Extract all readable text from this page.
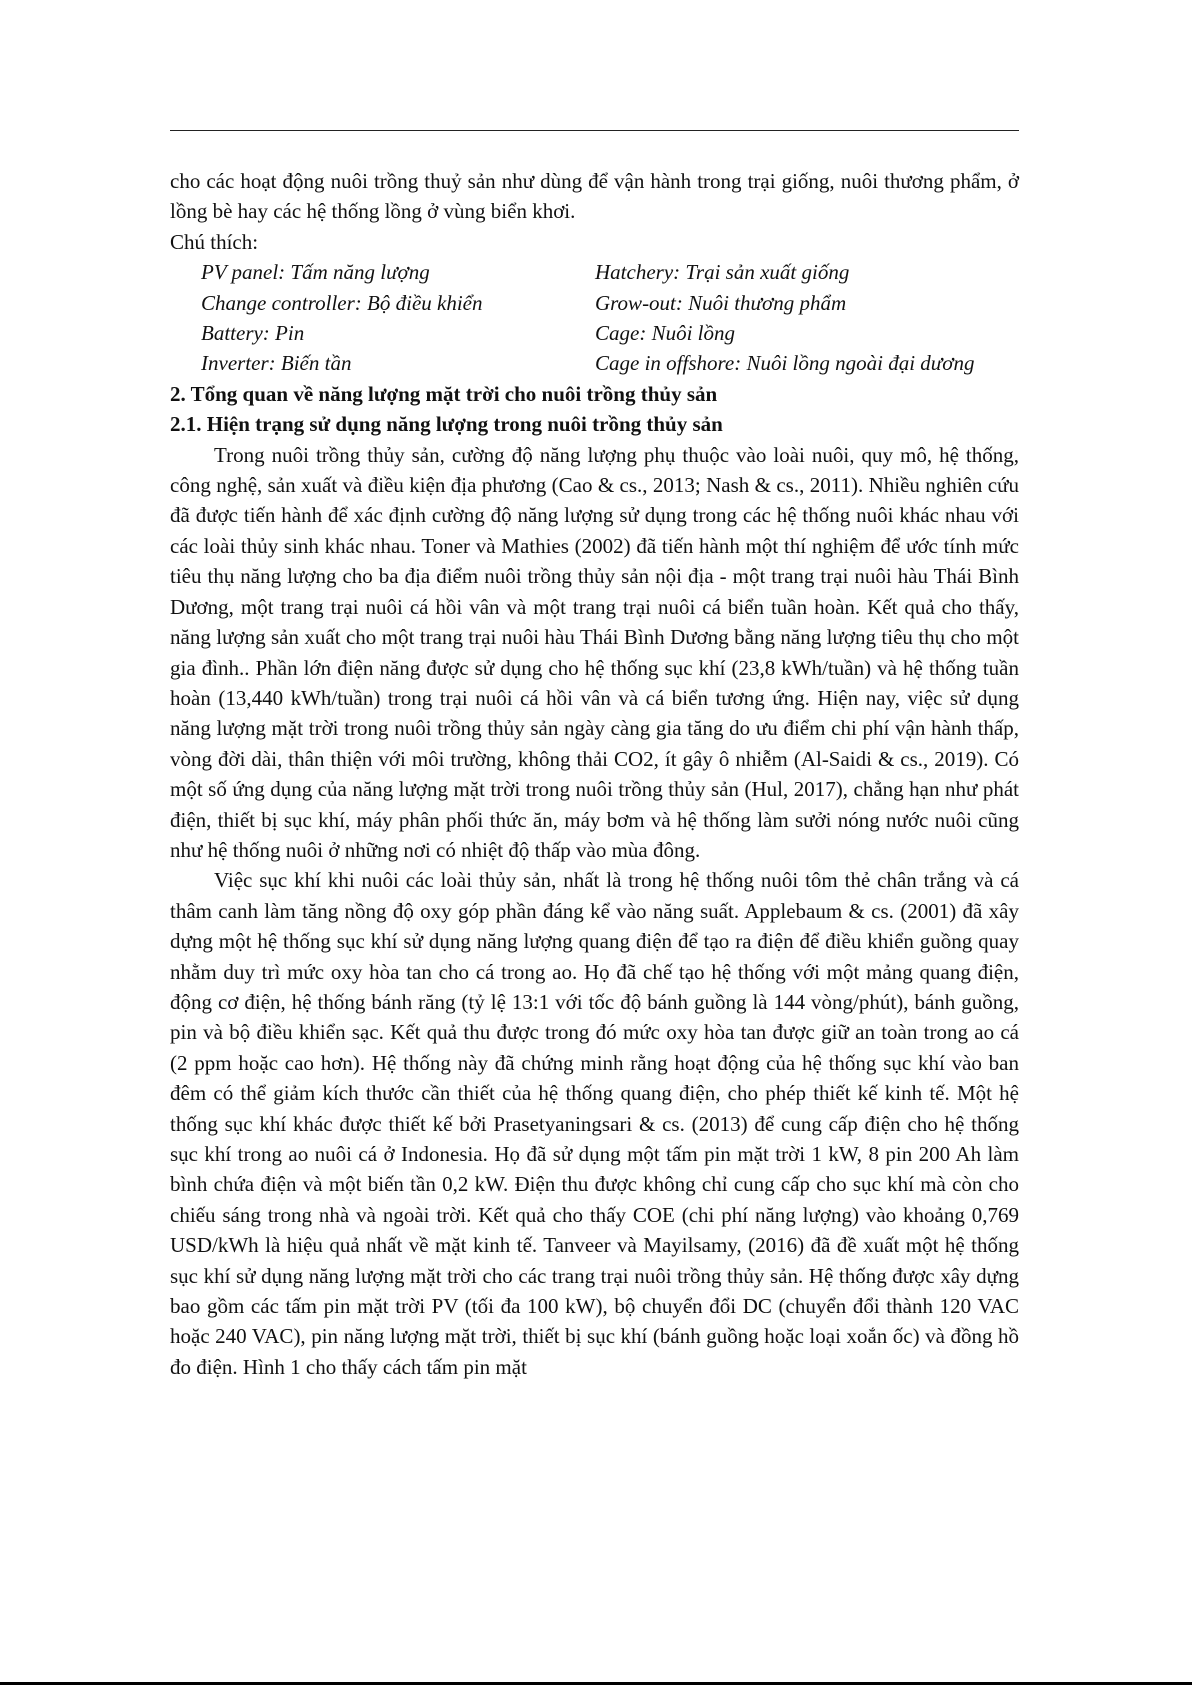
cho các hoạt động nuôi trồng thuỷ sản như dùng để vận hành trong trại giống, nuôi thương phẩm, ở lồng bè hay các hệ thống lồng ở vùng biển khơi.

Chú thích:

PV panel: Tấm năng lượng	Hatchery: Trại sản xuất giống
Change controller: Bộ điều khiển	Grow-out: Nuôi thương phẩm
Battery: Pin	Cage: Nuôi lồng
Inverter: Biến tần	Cage in offshore: Nuôi lồng ngoài đại dương

2. Tổng quan về năng lượng mặt trời cho nuôi trồng thủy sản

2.1. Hiện trạng sử dụng năng lượng trong nuôi trồng thủy sản

Trong nuôi trồng thủy sản, cường độ năng lượng phụ thuộc vào loài nuôi, quy mô, hệ thống, công nghệ, sản xuất và điều kiện địa phương (Cao & cs., 2013; Nash & cs., 2011). Nhiều nghiên cứu đã được tiến hành để xác định cường độ năng lượng sử dụng trong các hệ thống nuôi khác nhau với các loài thủy sinh khác nhau. Toner và Mathies (2002) đã tiến hành một thí nghiệm để ước tính mức tiêu thụ năng lượng cho ba địa điểm nuôi trồng thủy sản nội địa - một trang trại nuôi hàu Thái Bình Dương, một trang trại nuôi cá hồi vân và một trang trại nuôi cá biển tuần hoàn. Kết quả cho thấy, năng lượng sản xuất cho một trang trại nuôi hàu Thái Bình Dương bằng năng lượng tiêu thụ cho một gia đình.. Phần lớn điện năng được sử dụng cho hệ thống sục khí (23,8 kWh/tuần) và hệ thống tuần hoàn (13,440 kWh/tuần) trong trại nuôi cá hồi vân và cá biển tương ứng. Hiện nay, việc sử dụng năng lượng mặt trời trong nuôi trồng thủy sản ngày càng gia tăng do ưu điểm chi phí vận hành thấp, vòng đời dài, thân thiện với môi trường, không thải CO2, ít gây ô nhiễm (Al-Saidi & cs., 2019). Có một số ứng dụng của năng lượng mặt trời trong nuôi trồng thủy sản (Hul, 2017), chẳng hạn như phát điện, thiết bị sục khí, máy phân phối thức ăn, máy bơm và hệ thống làm sưởi nóng nước nuôi cũng như hệ thống nuôi ở những nơi có nhiệt độ thấp vào mùa đông.

Việc sục khí khi nuôi các loài thủy sản, nhất là trong hệ thống nuôi tôm thẻ chân trắng và cá thâm canh làm tăng nồng độ oxy góp phần đáng kể vào năng suất. Applebaum & cs. (2001) đã xây dựng một hệ thống sục khí sử dụng năng lượng quang điện để tạo ra điện để điều khiển guồng quay nhằm duy trì mức oxy hòa tan cho cá trong ao. Họ đã chế tạo hệ thống với một mảng quang điện, động cơ điện, hệ thống bánh răng (tỷ lệ 13:1 với tốc độ bánh guồng là 144 vòng/phút), bánh guồng, pin và bộ điều khiển sạc. Kết quả thu được trong đó mức oxy hòa tan được giữ an toàn trong ao cá (2 ppm hoặc cao hơn). Hệ thống này đã chứng minh rằng hoạt động của hệ thống sục khí vào ban đêm có thể giảm kích thước cần thiết của hệ thống quang điện, cho phép thiết kế kinh tế. Một hệ thống sục khí khác được thiết kế bởi Prasetyaningsari & cs. (2013) để cung cấp điện cho hệ thống sục khí trong ao nuôi cá ở Indonesia. Họ đã sử dụng một tấm pin mặt trời 1 kW, 8 pin 200 Ah làm bình chứa điện và một biến tần 0,2 kW. Điện thu được không chỉ cung cấp cho sục khí mà còn cho chiếu sáng trong nhà và ngoài trời. Kết quả cho thấy COE (chi phí năng lượng) vào khoảng 0,769 USD/kWh là hiệu quả nhất về mặt kinh tế. Tanveer và Mayilsamy, (2016) đã đề xuất một hệ thống sục khí sử dụng năng lượng mặt trời cho các trang trại nuôi trồng thủy sản. Hệ thống được xây dựng bao gồm các tấm pin mặt trời PV (tối đa 100 kW), bộ chuyển đổi DC (chuyển đổi thành 120 VAC hoặc 240 VAC), pin năng lượng mặt trời, thiết bị sục khí (bánh guồng hoặc loại xoắn ốc) và đồng hồ đo điện. Hình 1 cho thấy cách tấm pin mặt
